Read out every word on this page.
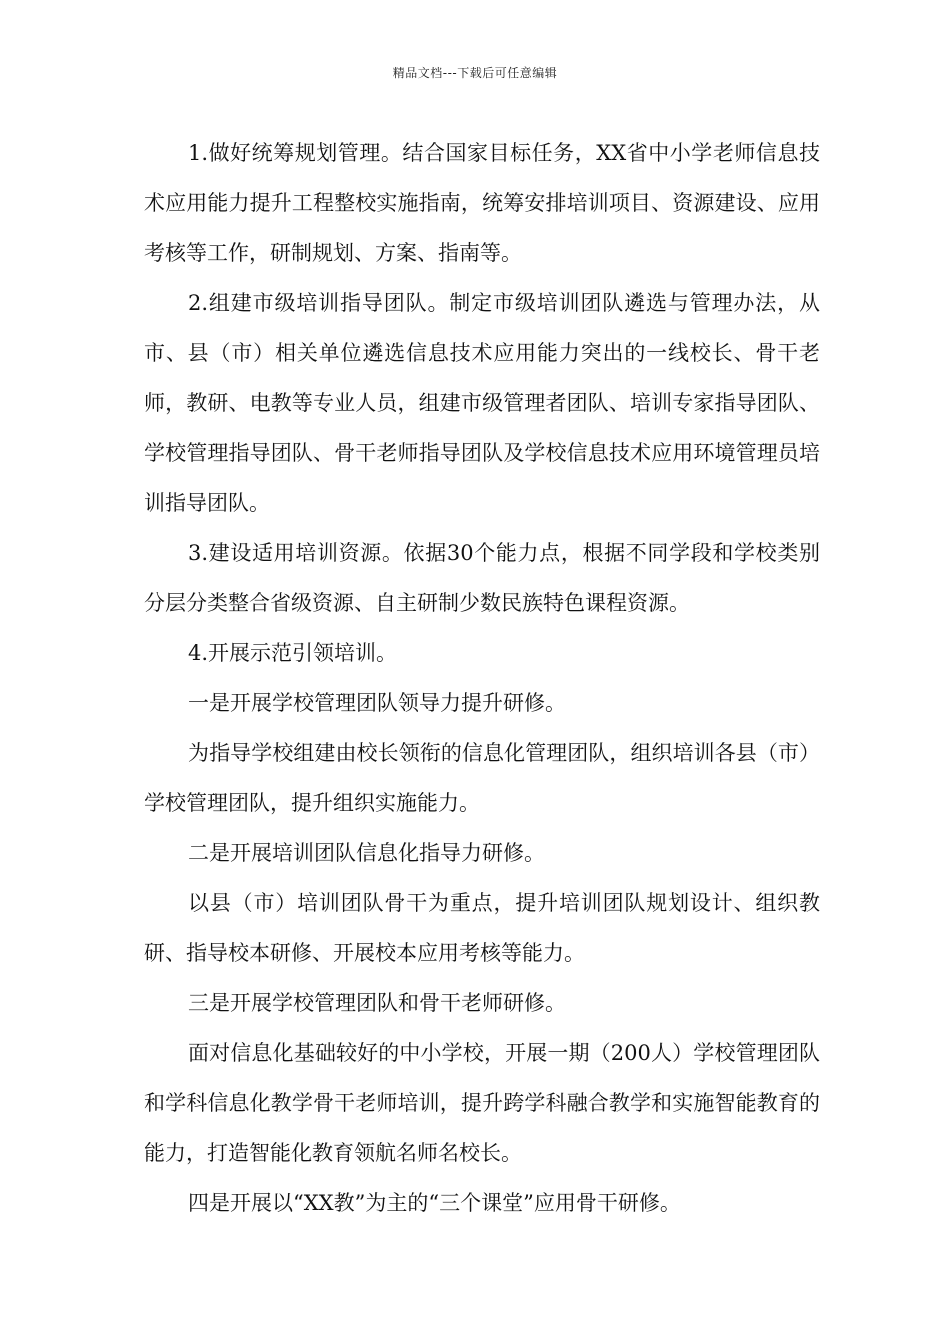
精品文档---下载后可任意编辑

1.做好统筹规划管理。结合国家目标任务，XX省中小学老师信息技术应用能力提升工程整校实施指南，统筹安排培训项目、资源建设、应用考核等工作，研制规划、方案、指南等。

2.组建市级培训指导团队。制定市级培训团队遴选与管理办法，从市、县（市）相关单位遴选信息技术应用能力突出的一线校长、骨干老师，教研、电教等专业人员，组建市级管理者团队、培训专家指导团队、学校管理指导团队、骨干老师指导团队及学校信息技术应用环境管理员培训指导团队。

3.建设适用培训资源。依据30个能力点，根据不同学段和学校类别分层分类整合省级资源、自主研制少数民族特色课程资源。

4.开展示范引领培训。

一是开展学校管理团队领导力提升研修。

为指导学校组建由校长领衔的信息化管理团队，组织培训各县（市）学校管理团队，提升组织实施能力。

二是开展培训团队信息化指导力研修。

以县（市）培训团队骨干为重点，提升培训团队规划设计、组织教研、指导校本研修、开展校本应用考核等能力。

三是开展学校管理团队和骨干老师研修。

面对信息化基础较好的中小学校，开展一期（200人）学校管理团队和学科信息化教学骨干老师培训，提升跨学科融合教学和实施智能教育的能力，打造智能化教育领航名师名校长。

四是开展以“XX教”为主的“三个课堂”应用骨干研修。
